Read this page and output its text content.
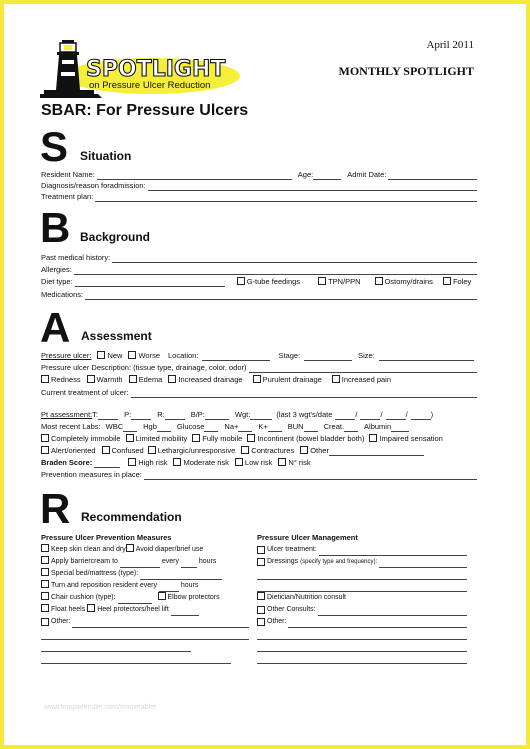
SPOTLIGHT
on Pressure Ulcer Reduction
April 2011
MONTHLY SPOTLIGHT
SBAR: For Pressure Ulcers
S Situation
Resident Name:	Age:	Admit Date:
Diagnosis/reason foradmission:
Treatment plan:
B Background
Past medical history:
Allergies:
Diet type:	G-tube feedings	TPN/PPN	Ostomy/drains	Foley
Medications:
A Assessment
Pressure ulcer:	New	Worse Location:	Stage:	Size:
Pressure ulcer Description: (tissue type, drainage, color, odor)
Redness	Warmth	Edema	Increased drainage	Purulent drainage	Increased pain
Current treatment of ulcer:
Pt assessment: T:	P:	R:	B/P:	Wgt:	(last 3 wgt's/date	/	/	/	)
Most recent Labs: WBC	Hgb	Glucose	Na+	K+	BUN	Creat.	Albumin
Completely immobile	Limited mobility	Fully mobile	Incontinent (bowel bladder both)	Impaired sensation
Alert/oriented	Confused	Lethargic/unresponsive	Contractures	Other
Braden Score:	High risk	Moderate risk	Low risk	N° risk
Prevention measures in place:
R Recommendation
Pressure Ulcer Prevention Measures
Keep skin clean and dry Avoid diaper/brief use
Apply barriercream to	every	hours
Special bed/mattress (type):
Turn and reposition resident every	hours
Chair cushion (type):	Elbow protectors
Float heels Heel protectors/heel lift
Other:
Pressure Ulcer Management
Ulcer treatment:
Dressings (specify type and frequency):
Dietician/Nutrition consult
Other Consults:
Other:
www.templateroller.com/vmmetablet
